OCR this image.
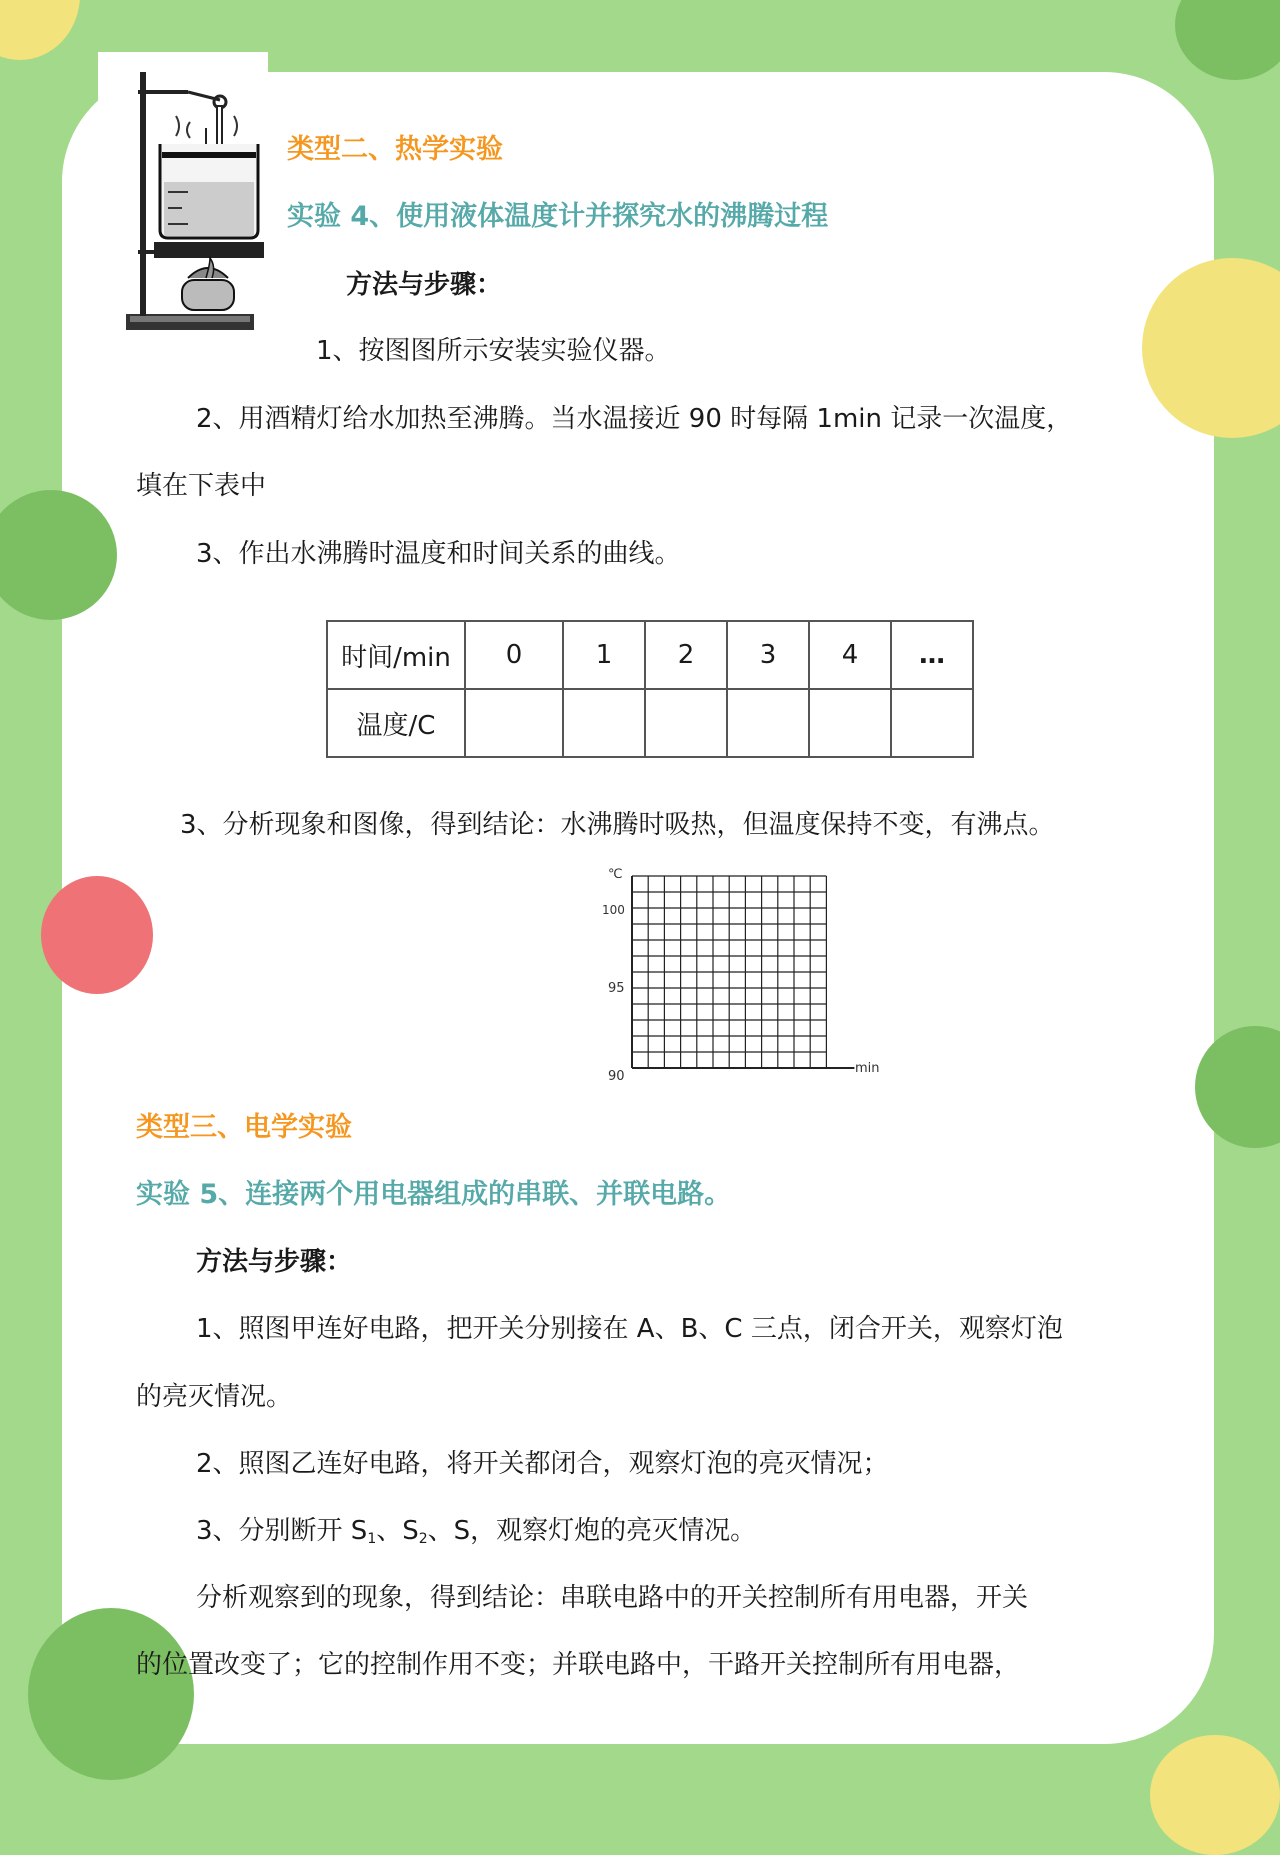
类型二、热学实验
实验 4、使用液体温度计并探究水的沸腾过程
方法与步骤：
1、按图图所示安装实验仪器。
2、用酒精灯给水加热至沸腾。当水温接近 90 时每隔 1min 记录一次温度，
填在下表中
3、作出水沸腾时温度和时间关系的曲线。
时间/min	0	1	2	3	4	…
温度/C						
3、分析现象和图像，得到结论：水沸腾时吸热，但温度保持不变，有沸点。
℃
100
95
90
min
类型三、电学实验
实验 5、连接两个用电器组成的串联、并联电路。
方法与步骤：
1、照图甲连好电路，把开关分别接在 A、B、C 三点，闭合开关，观察灯泡
的亮灭情况。
2、照图乙连好电路，将开关都闭合，观察灯泡的亮灭情况；
3、分别断开 $S_1$、$S_2$、S，观察灯炮的亮灭情况。
分析观察到的现象，得到结论：串联电路中的开关控制所有用电器，开关
的位置改变了；它的控制作用不变；并联电路中，干路开关控制所有用电器，
